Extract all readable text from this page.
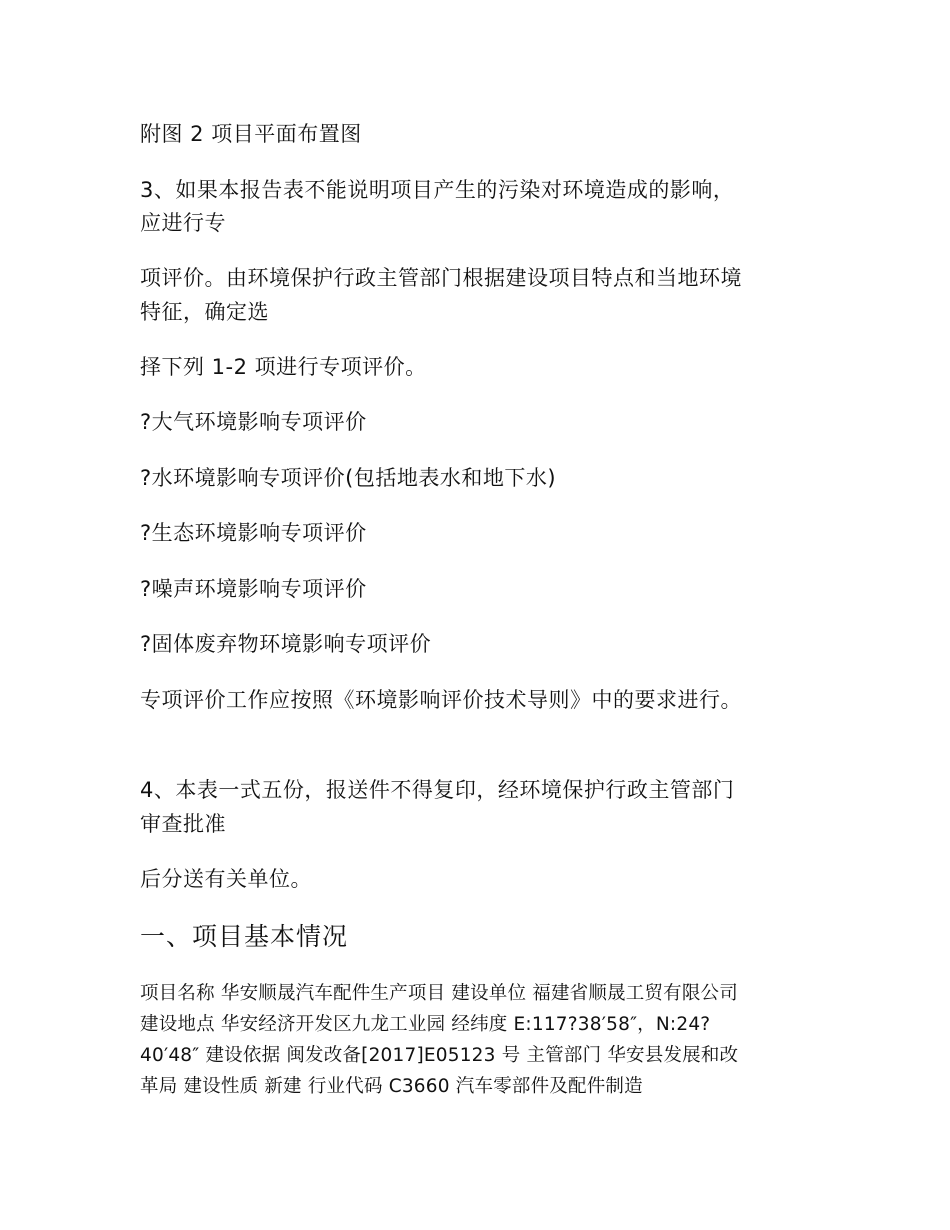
附图 2 项目平面布置图
3、如果本报告表不能说明项目产生的污染对环境造成的影响，
应进行专
项评价。由环境保护行政主管部门根据建设项目特点和当地环境
特征，确定选
择下列 1-2 项进行专项评价。
?大气环境影响专项评价
?水环境影响专项评价(包括地表水和地下水)
?生态环境影响专项评价
?噪声环境影响专项评价
?固体废弃物环境影响专项评价
专项评价工作应按照《环境影响评价技术导则》中的要求进行。
4、本表一式五份，报送件不得复印，经环境保护行政主管部门
审查批准
后分送有关单位。
一、项目基本情况
项目名称 华安顺晟汽车配件生产项目 建设单位 福建省顺晟工贸有限公司
建设地点 华安经济开发区九龙工业园 经纬度 E:117?38′58″，N:24?
40′48″ 建设依据 闽发改备[2017]E05123 号 主管部门 华安县发展和改
革局 建设性质 新建 行业代码 C3660 汽车零部件及配件制造
